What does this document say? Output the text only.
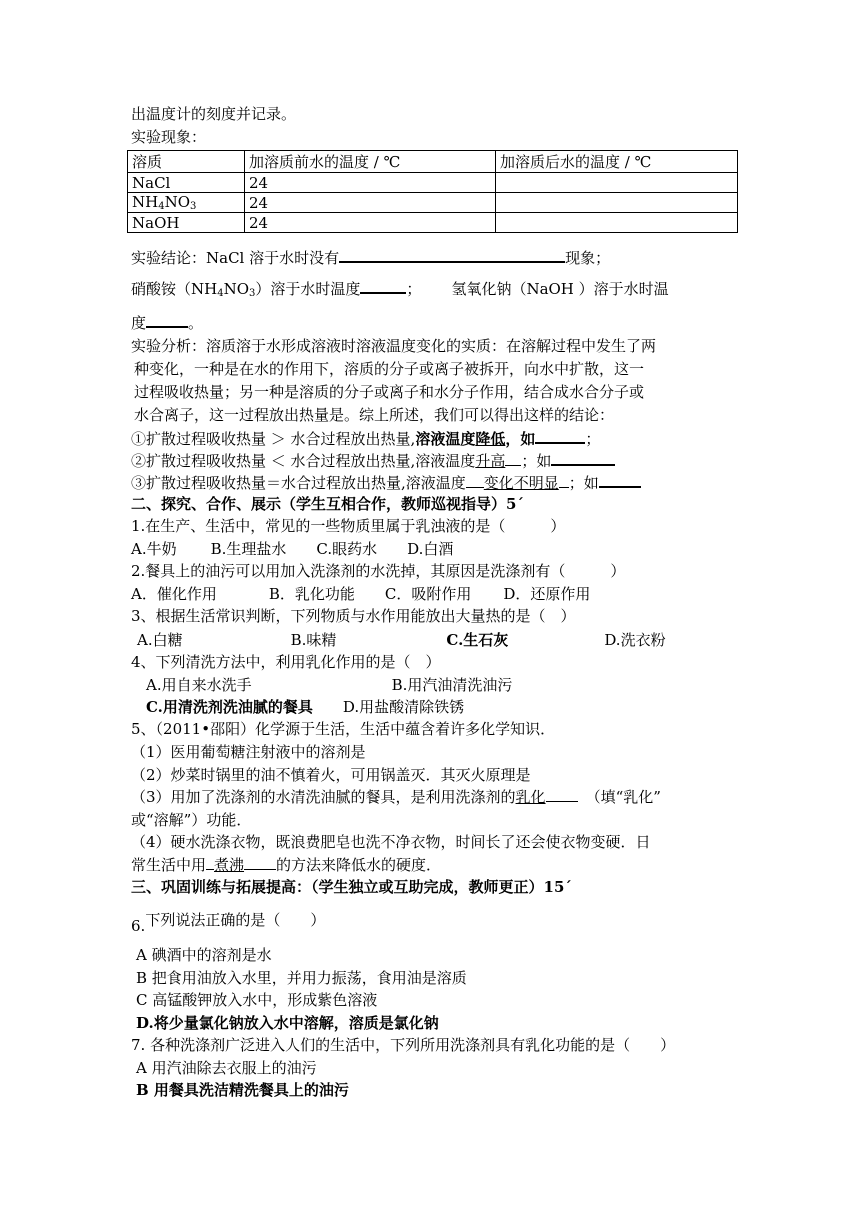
出温度计的刻度并记录。
实验现象：
溶质	加溶质前水的温度 / ℃	加溶质后水的温度 / ℃
NaCl	24	
$NH_4NO_3$	24	
NaOH	24	
实验结论：NaCl 溶于水时没有	现象；
硝酸铵$(NH_4NO_3)$溶于水时温度	； 氢氧化钠（NaOH ）溶于水时温
度	。
实验分析：溶质溶于水形成溶液时溶液温度变化的实质：在溶解过程中发生了两
种变化，一种是在水的作用下，溶质的分子或离子被拆开，向水中扩散，这一
过程吸收热量；另一种是溶质的分子或离子和水分子作用，结合成水合分子或
水合离子，这一过程放出热量是。综上所述，我们可以得出这样的结论：
①扩散过程吸收热量 ＞ 水合过程放出热量,溶液温度降低，如	；
②扩散过程吸收热量 ＜ 水合过程放出热量,溶液温度升高 ；如
③扩散过程吸收热量＝水合过程放出热量,溶液温度 变化不明显 ；如
二、探究、合作、展示（学生互相合作，教师巡视指导）5´
1.在生产、生活中，常见的一些物质里属于乳浊液的是（　　　）
A.牛奶 B.生理盐水 C.眼药水 D.白酒
2.餐具上的油污可以用加入洗涤剂的水洗掉，其原因是洗涤剂有（　　　）
A．催化作用	B．乳化功能 C．吸附作用 D．还原作用
3、根据生活常识判断，下列物质与水作用能放出大量热的是（　）
A.白糖	B.味精	C.生石灰	D.洗衣粉
4、下列清洗方法中，利用乳化作用的是（　）
A.用自来水洗手	B.用汽油清洗油污
C.用清洗剂洗油腻的餐具 D.用盐酸清除铁锈
5、（2011•邵阳）化学源于生活，生活中蕴含着许多化学知识．
（1）医用葡萄糖注射液中的溶剂是
（2）炒菜时锅里的油不慎着火，可用锅盖灭．其灭火原理是
（3）用加了洗涤剂的水清洗油腻的餐具，是利用洗涤剂的乳化	（填“乳化”
或“溶解”）功能．
（4）硬水洗涤衣物，既浪费肥皂也洗不净衣物，时间长了还会使衣物变硬．日
常生活中用 煮沸 的方法来降低水的硬度．
三、巩固训练与拓展提高：（学生独立或互助完成，教师更正）15´
6.下列说法正确的是（　　）
A 碘酒中的溶剂是水
B 把食用油放入水里，并用力振荡，食用油是溶质
C 高锰酸钾放入水中，形成紫色溶液
D.将少量氯化钠放入水中溶解，溶质是氯化钠
7. 各种洗涤剂广泛进入人们的生活中，下列所用洗涤剂具有乳化功能的是（　　）
A 用汽油除去衣服上的油污
B 用餐具洗洁精洗餐具上的油污
